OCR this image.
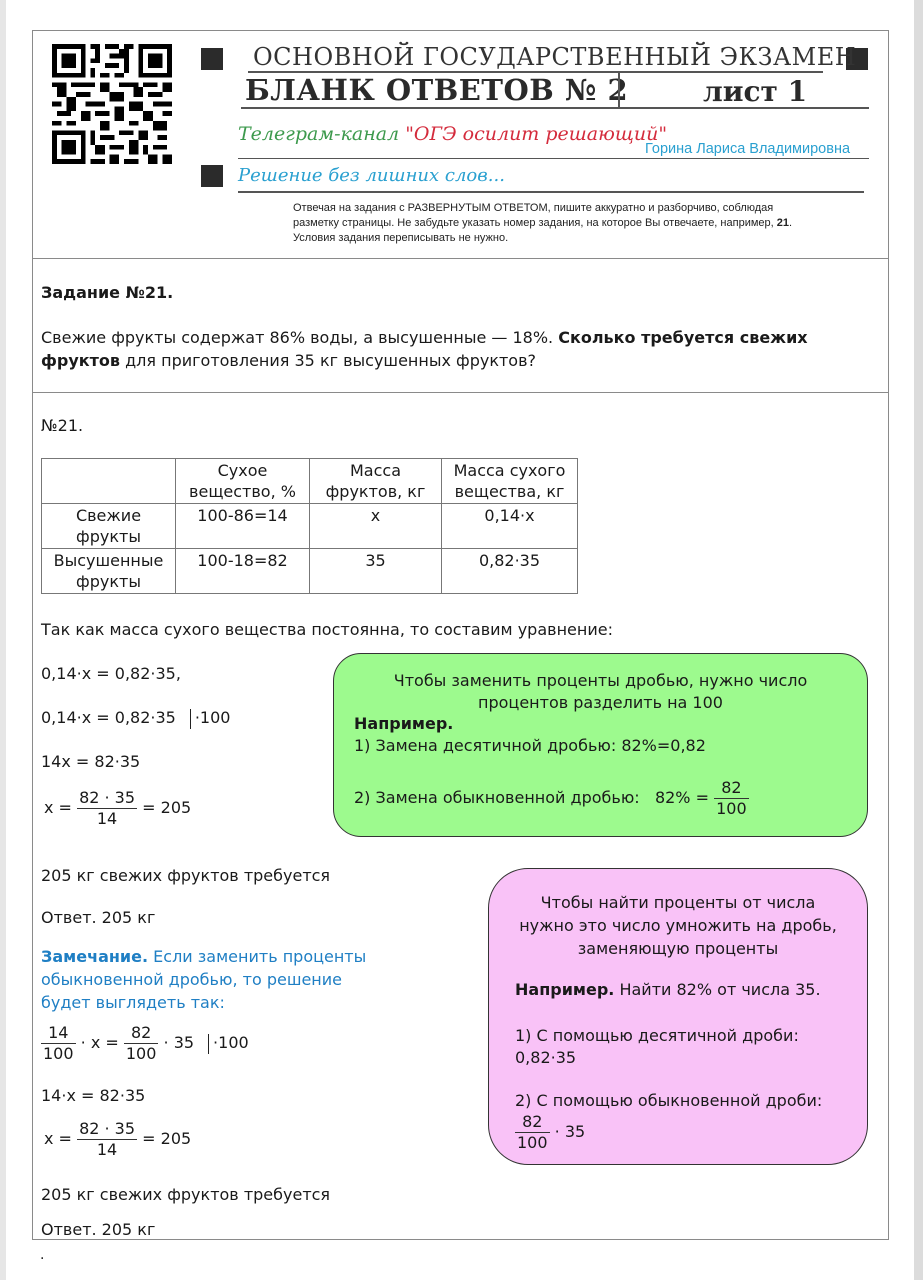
ОСНОВНОЙ ГОСУДАРСТВЕННЫЙ ЭКЗАМЕН
БЛАНК ОТВЕТОВ № 2	лист 1
Телеграм-канал "ОГЭ осилит решающий"
Горина Лариса Владимировна
Решение без лишних слов...
Отвечая на задания с РАЗВЕРНУТЫМ ОТВЕТОМ, пишите аккуратно и разборчиво, соблюдая
разметку страницы. Не забудьте указать номер задания, на которое Вы отвечаете, например, 21.
Условия задания переписывать не нужно.
Задание №21.
Свежие фрукты содержат 86% воды, а высушенные — 18%. Сколько требуется свежих фруктов для приготовления 35 кг высушенных фруктов?
№21.
	Сухое вещество, %	Масса фруктов, кг	Масса сухого вещества, кг
Свежие фрукты	100-86=14	x	0,14·x
Высушенные фрукты	100-18=82	35	0,82·35
Так как масса сухого вещества постоянна, то составим уравнение:
0,14·x = 0,82·35,
0,14·x = 0,82·35 ·100
14x = 82·35
$x = \frac{82 \cdot 35}{14} = 205$
205 кг свежих фруктов требуется
Ответ. 205 кг
Замечание. Если заменить проценты
обыкновенной дробью, то решение
будет выглядеть так:
$\frac{14}{100} \cdot x = \frac{82}{100} \cdot 35 \cdot 100$
14·x = 82·35
$x = \frac{82 \cdot 35}{14} = 205$
205 кг свежих фруктов требуется
Ответ. 205 кг
Чтобы заменить проценты дробью, нужно число
процентов разделить на 100
Например.
1) Замена десятичной дробью: 82%=0,82
2) Замена обыкновенной дробью: $82\% = \frac{82}{100}$
Чтобы найти проценты от числа
нужно это число умножить на дробь,
заменяющую проценты
Например. Найти 82% от числа 35.
1) С помощью десятичной дроби:
0,82·35
2) С помощью обыкновенной дроби:
$\frac{82}{100} \cdot 35$
.
